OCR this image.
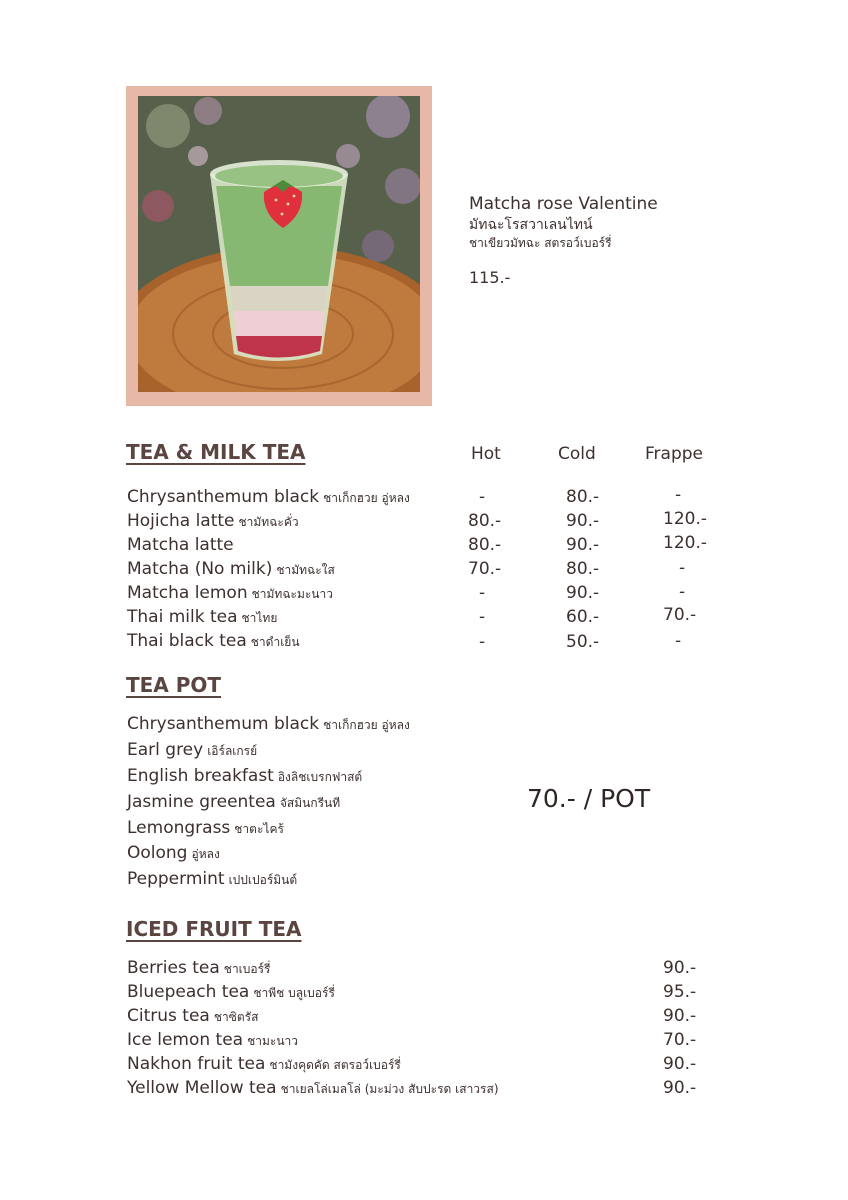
Matcha rose Valentine
มัทฉะโรสวาเลนไทน์
ชาเขียวมัทฉะ สตรอว์เบอร์รี่
115.-
TEA & MILK TEA	Hot	Cold	Frappe
Chrysanthemum black ชาเก็กฮวย อู่หลง	-	80.-	-
Hojicha latte ชามัทฉะคั่ว	80.-	90.-	120.-
Matcha latte	80.-	90.-	120.-
Matcha (No milk) ชามัทฉะใส	70.-	80.-	-
Matcha lemon ชามัทฉะมะนาว	-	90.-	-
Thai milk tea ชาไทย	-	60.-	70.-
Thai black tea ชาดำเย็น	-	50.-	-
TEA POT
Chrysanthemum black ชาเก็กฮวย อู่หลง
Earl grey เอิร์ลเกรย์
English breakfast อิงลิชเบรกฟาสต์
Jasmine greentea จัสมินกรีนที
Lemongrass ชาตะไคร้
Oolong อู่หลง
Peppermint เปปเปอร์มินต์
70.- / POT
ICED FRUIT TEA
Berries tea ชาเบอร์รี่	90.-
Bluepeach tea ชาพีช บลูเบอร์รี่	95.-
Citrus tea ชาซิตรัส	90.-
Ice lemon tea ชามะนาว	70.-
Nakhon fruit tea ชามังคุดคัด สตรอว์เบอร์รี่	90.-
Yellow Mellow tea ชาเยลโล่เมลโล่ (มะม่วง สับปะรด เสาวรส)	90.-
